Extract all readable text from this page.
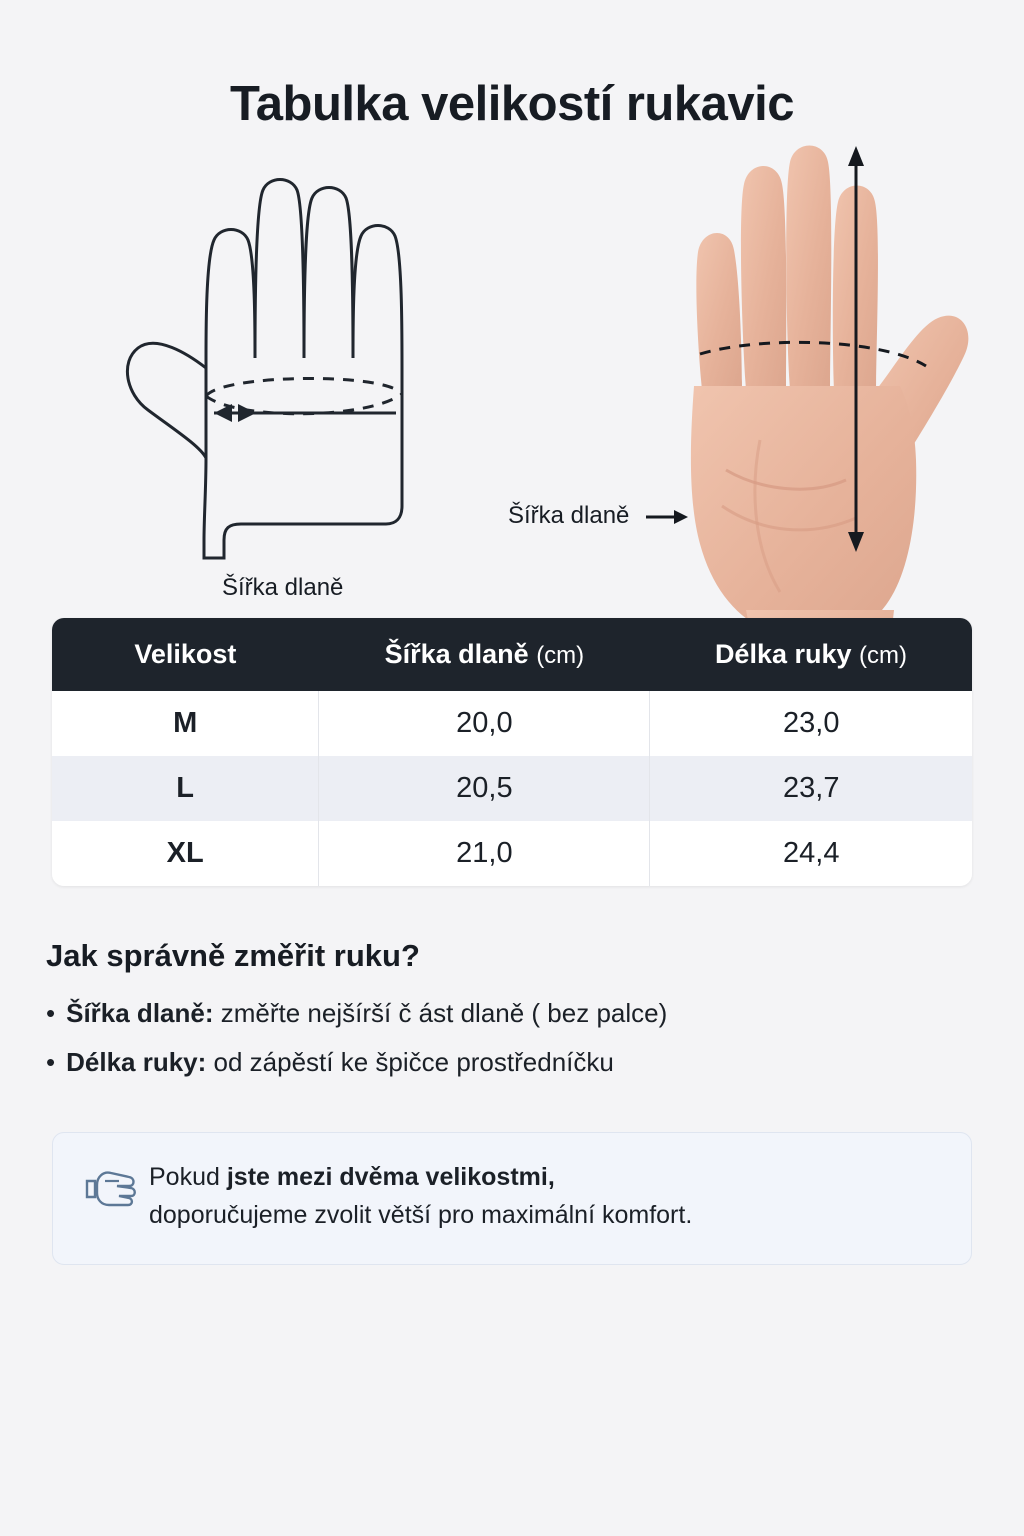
Tabulka velikostí rukavic
Šířka dlaně
Šířka dlaně
Velikost	Šířka dlaně (cm)	Délka ruky (cm)
M	20,0	23,0
L	20,5	23,7
XL	21,0	24,4
Jak správně změřit ruku?
• Šířka dlaně: změřte nejšírší č ást dlaně ( bez palce)
• Délka ruky: od zápěstí ke špičce prostředníčku
Pokud jste mezi dvěma velikostmi,
doporučujeme zvolit větší pro maximální komfort.
